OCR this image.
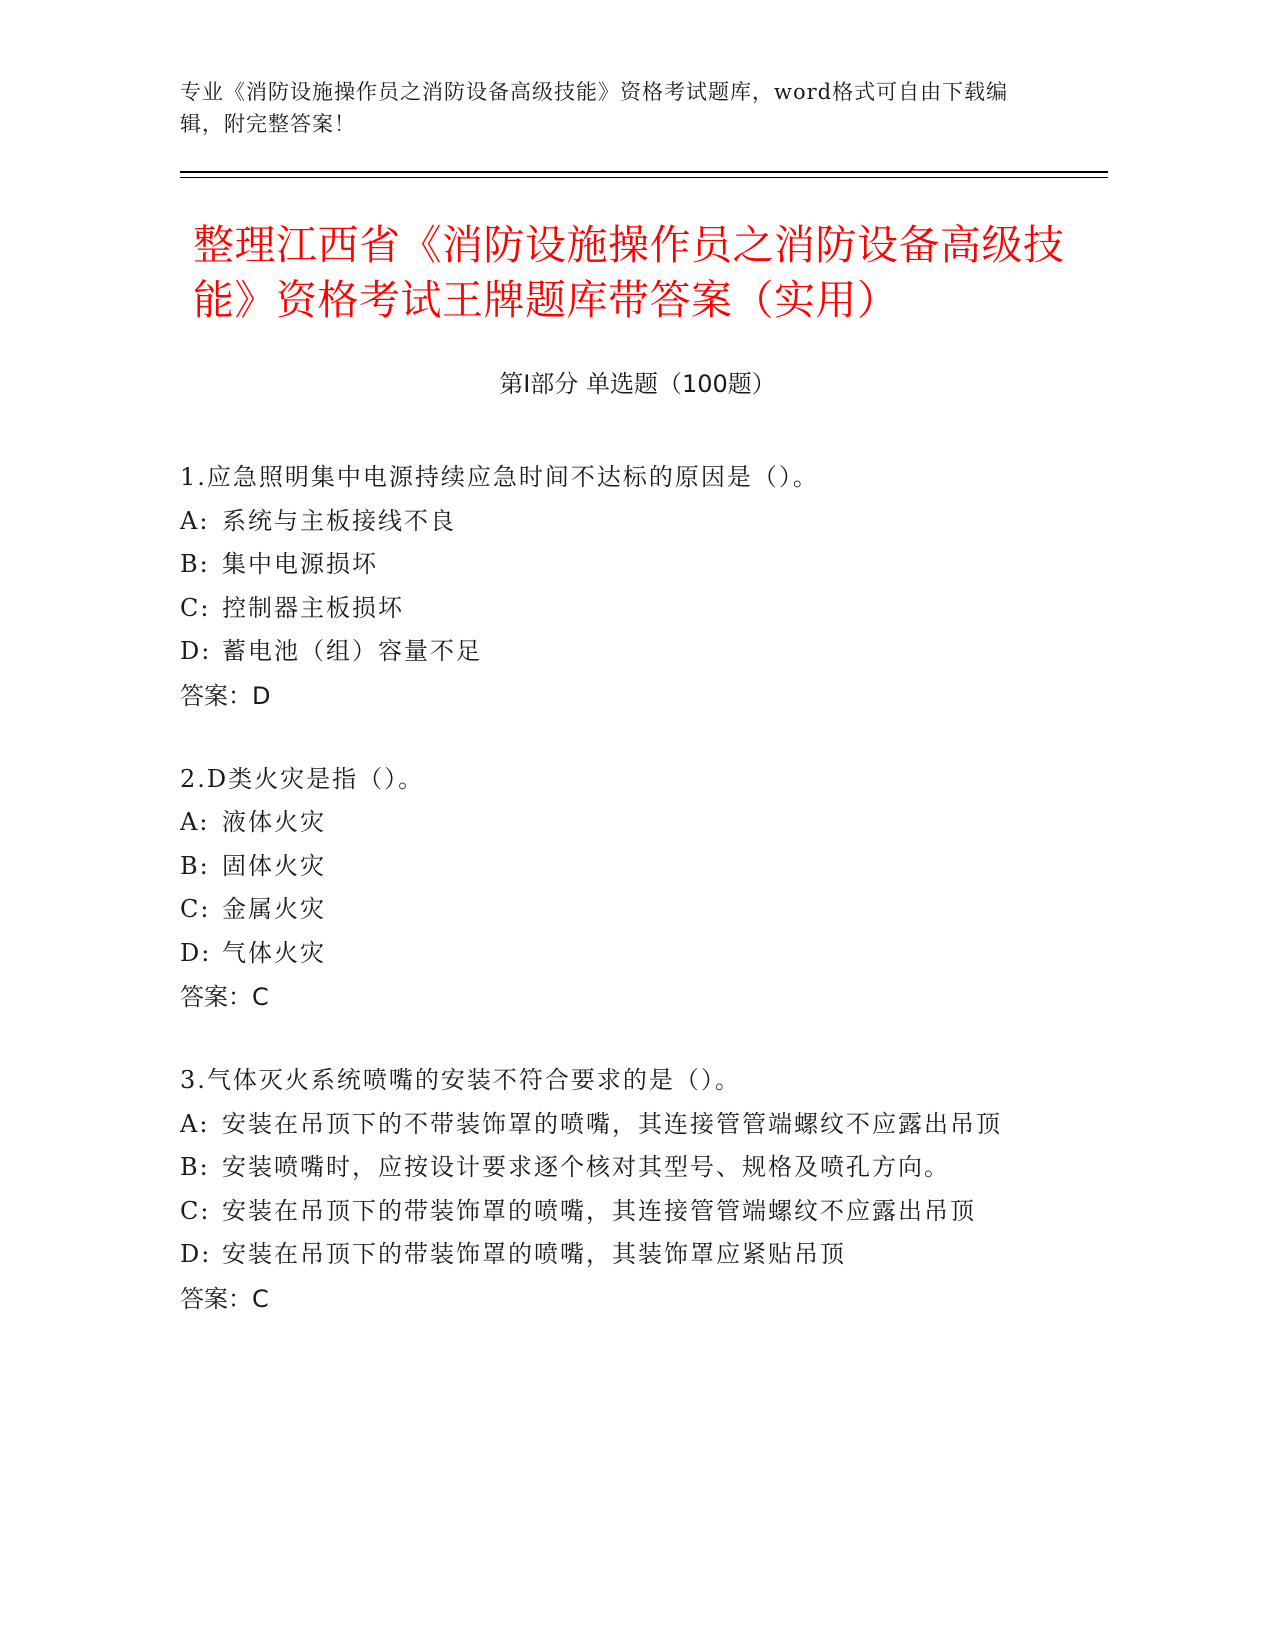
专业《消防设施操作员之消防设备高级技能》资格考试题库，word格式可自由下载编辑，附完整答案！
整理江西省《消防设施操作员之消防设备高级技能》资格考试王牌题库带答案（实用）
第Ⅰ部分 单选题（100题）
1.应急照明集中电源持续应急时间不达标的原因是（）。
A: 系统与主板接线不良
B: 集中电源损坏
C: 控制器主板损坏
D: 蓄电池（组）容量不足
答案：D
2.D类火灾是指（）。
A: 液体火灾
B: 固体火灾
C: 金属火灾
D: 气体火灾
答案：C
3.气体灭火系统喷嘴的安装不符合要求的是（）。
A: 安装在吊顶下的不带装饰罩的喷嘴，其连接管管端螺纹不应露出吊顶
B: 安装喷嘴时，应按设计要求逐个核对其型号、规格及喷孔方向。
C: 安装在吊顶下的带装饰罩的喷嘴，其连接管管端螺纹不应露出吊顶
D: 安装在吊顶下的带装饰罩的喷嘴，其装饰罩应紧贴吊顶
答案：C
